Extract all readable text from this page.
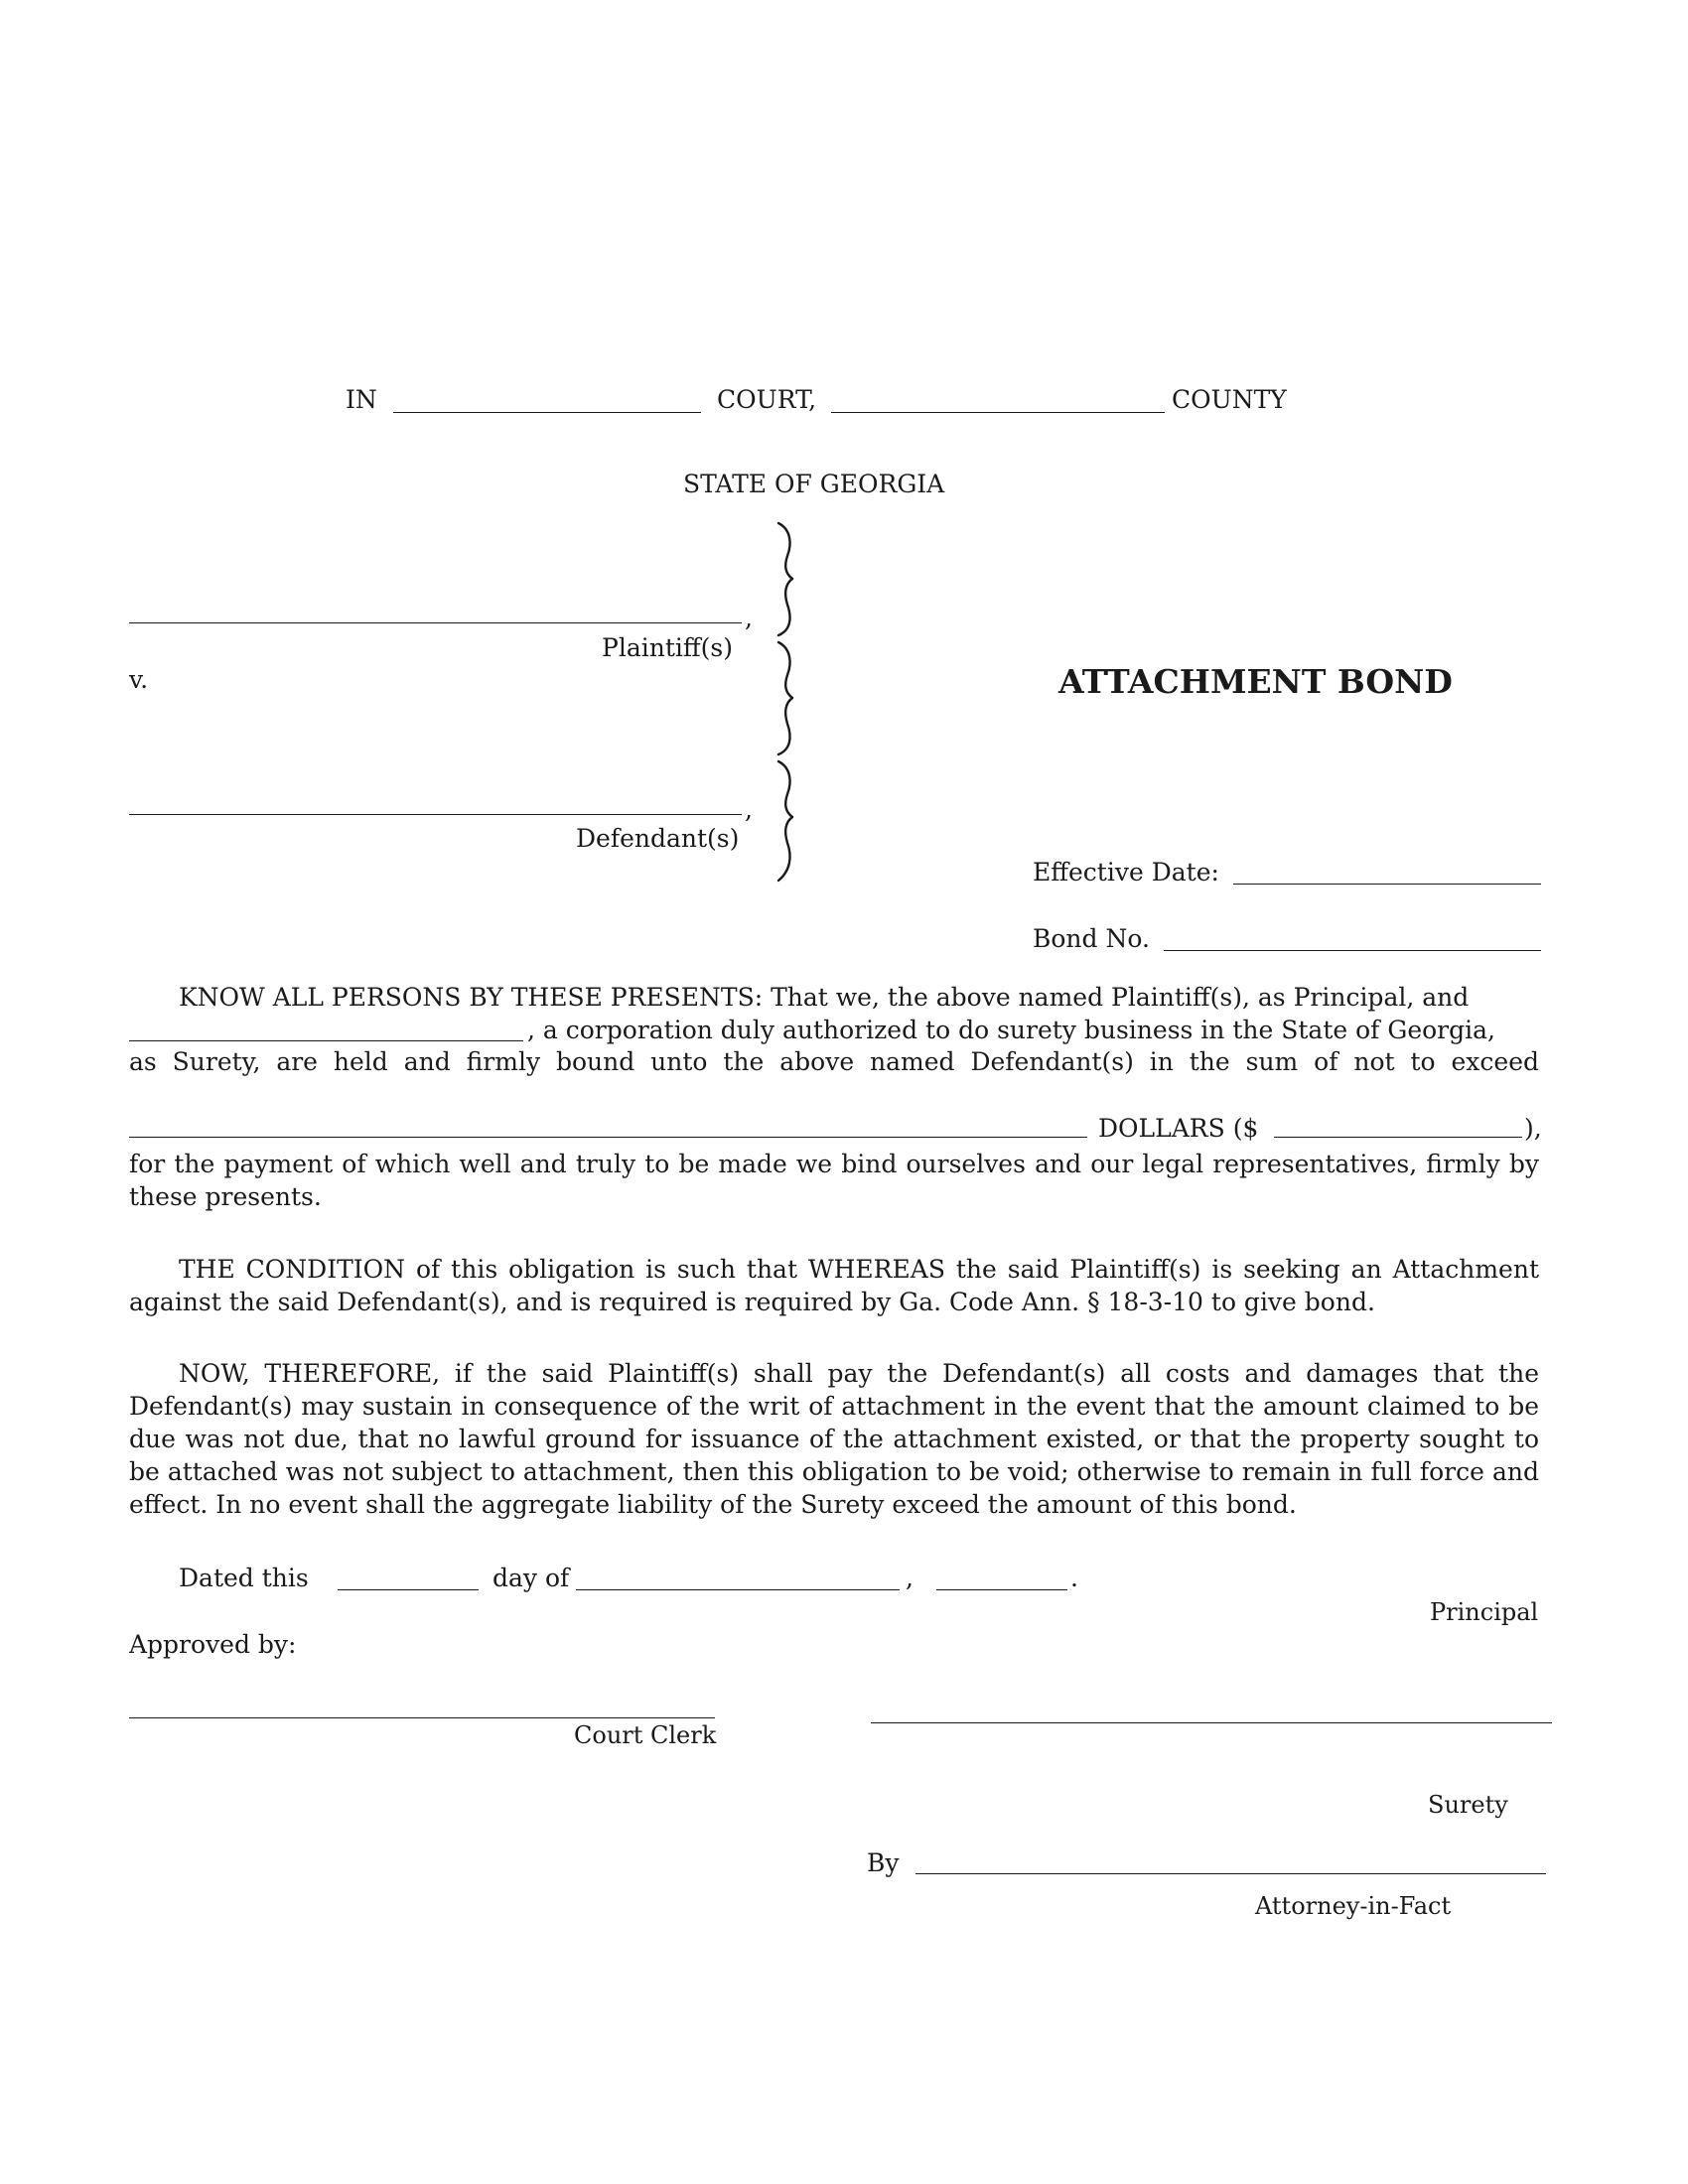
IN	COURT,	COUNTY
STATE OF GEORGIA
,
Plaintiff(s)
v.
,
Defendant(s)
ATTACHMENT BOND
Effective Date:
Bond No.
KNOW ALL PERSONS BY THESE PRESENTS: That we, the above named Plaintiff(s), as Principal, and
, a corporation duly authorized to do surety business in the State of Georgia,
as Surety, are held and firmly bound unto the above named Defendant(s) in the sum of not to exceed
DOLLARS ($	),
for the payment of which well and truly to be made we bind ourselves and our legal representatives, firmly by these presents.
THE CONDITION of this obligation is such that WHEREAS the said Plaintiff(s) is seeking an Attachment against the said Defendant(s), and is required is required by Ga. Code Ann. § 18-3-10 to give bond.
NOW, THEREFORE, if the said Plaintiff(s) shall pay the Defendant(s) all costs and damages that the Defendant(s) may sustain in consequence of the writ of attachment in the event that the amount claimed to be due was not due, that no lawful ground for issuance of the attachment existed, or that the property sought to be attached was not subject to attachment, then this obligation to be void; otherwise to remain in full force and effect. In no event shall the aggregate liability of the Surety exceed the amount of this bond.
Dated this	day of	,	.
Principal
Approved by:
Court Clerk
Surety
By
Attorney-in-Fact
